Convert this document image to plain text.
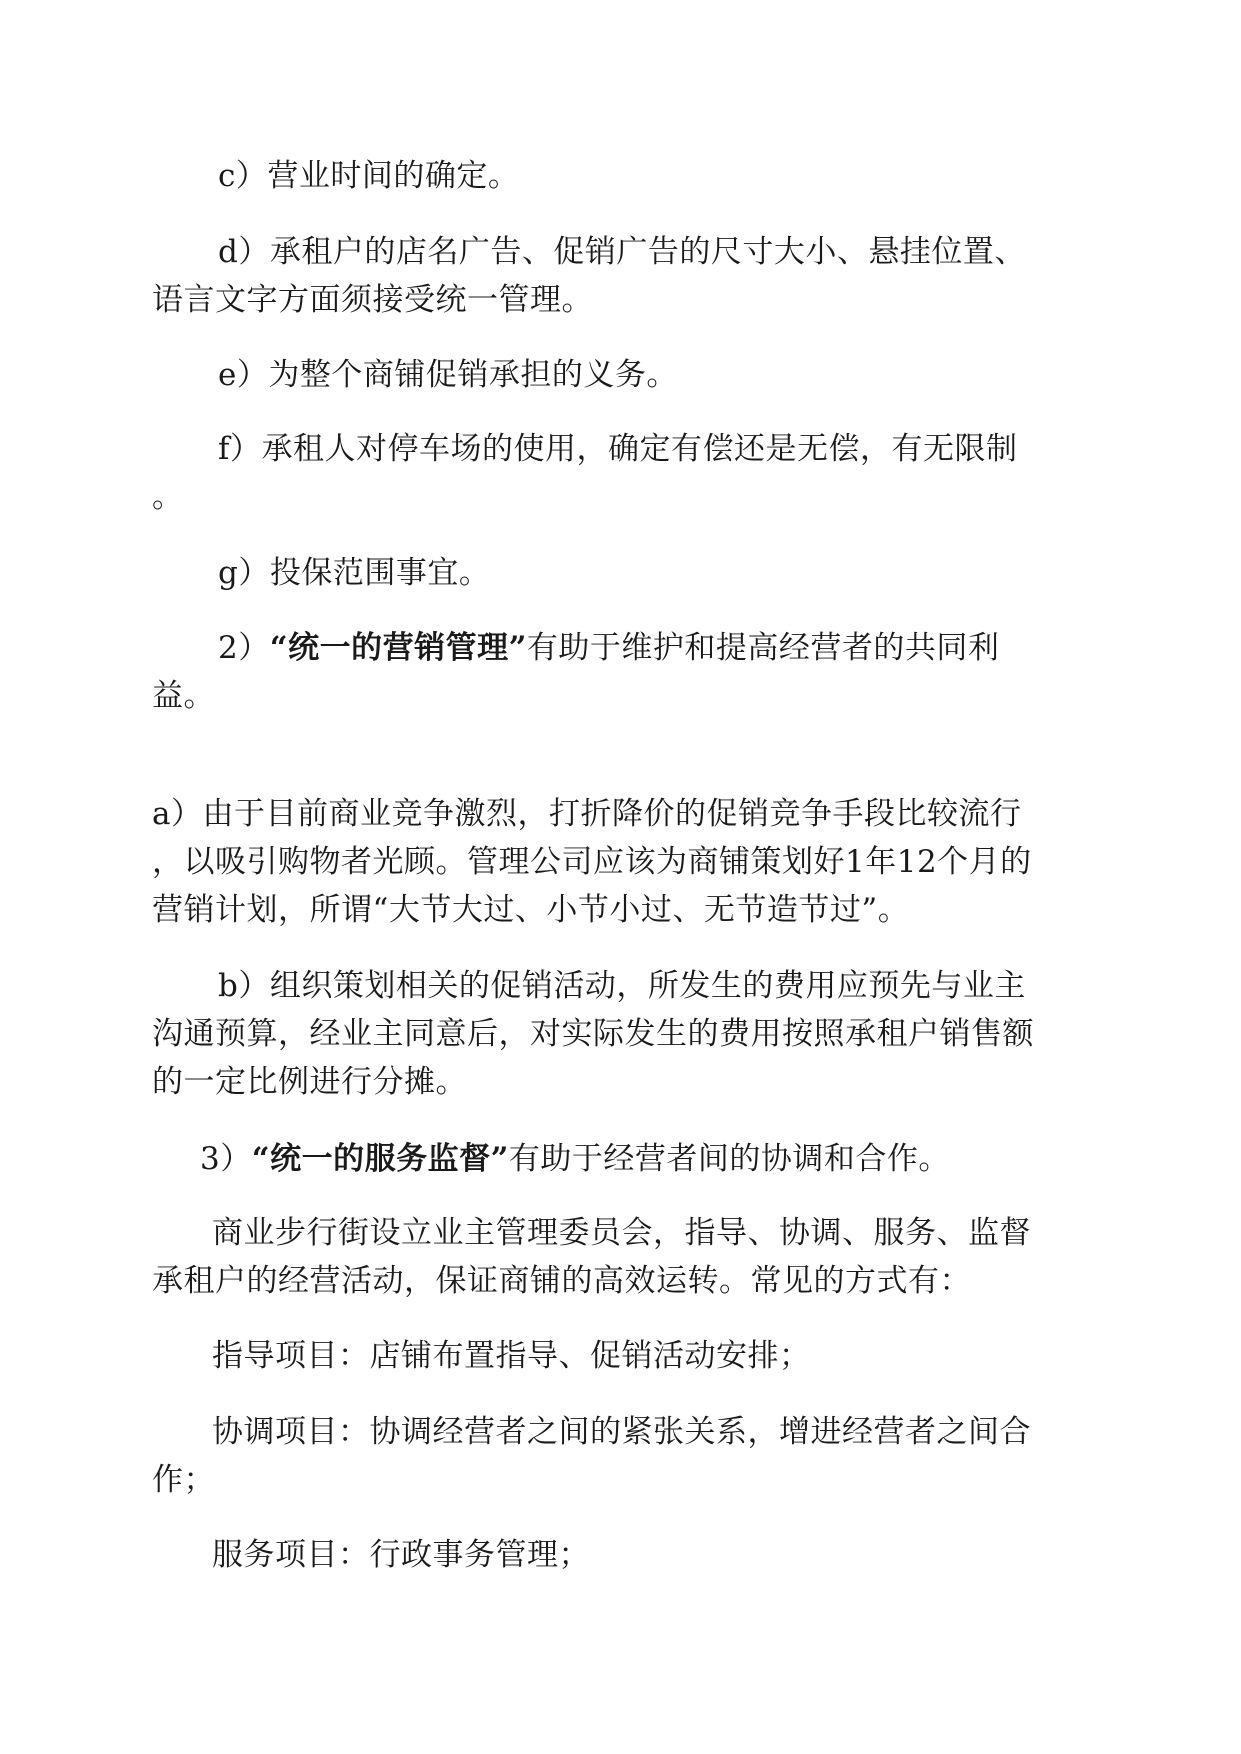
c）营业时间的确定。
d）承租户的店名广告、促销广告的尺寸大小、悬挂位置、
语言文字方面须接受统一管理。
e）为整个商铺促销承担的义务。
f）承租人对停车场的使用，确定有偿还是无偿，有无限制
。
g）投保范围事宜。
2）“统一的营销管理”有助于维护和提高经营者的共同利
益。
a）由于目前商业竞争激烈，打折降价的促销竞争手段比较流行
，以吸引购物者光顾。管理公司应该为商铺策划好1年12个月的
营销计划，所谓“大节大过、小节小过、无节造节过”。
b）组织策划相关的促销活动，所发生的费用应预先与业主
沟通预算，经业主同意后，对实际发生的费用按照承租户销售额
的一定比例进行分摊。
3）“统一的服务监督”有助于经营者间的协调和合作。
商业步行街设立业主管理委员会，指导、协调、服务、监督
承租户的经营活动，保证商铺的高效运转。常见的方式有：
指导项目：店铺布置指导、促销活动安排；
协调项目：协调经营者之间的紧张关系，增进经营者之间合
作；
服务项目：行政事务管理；
